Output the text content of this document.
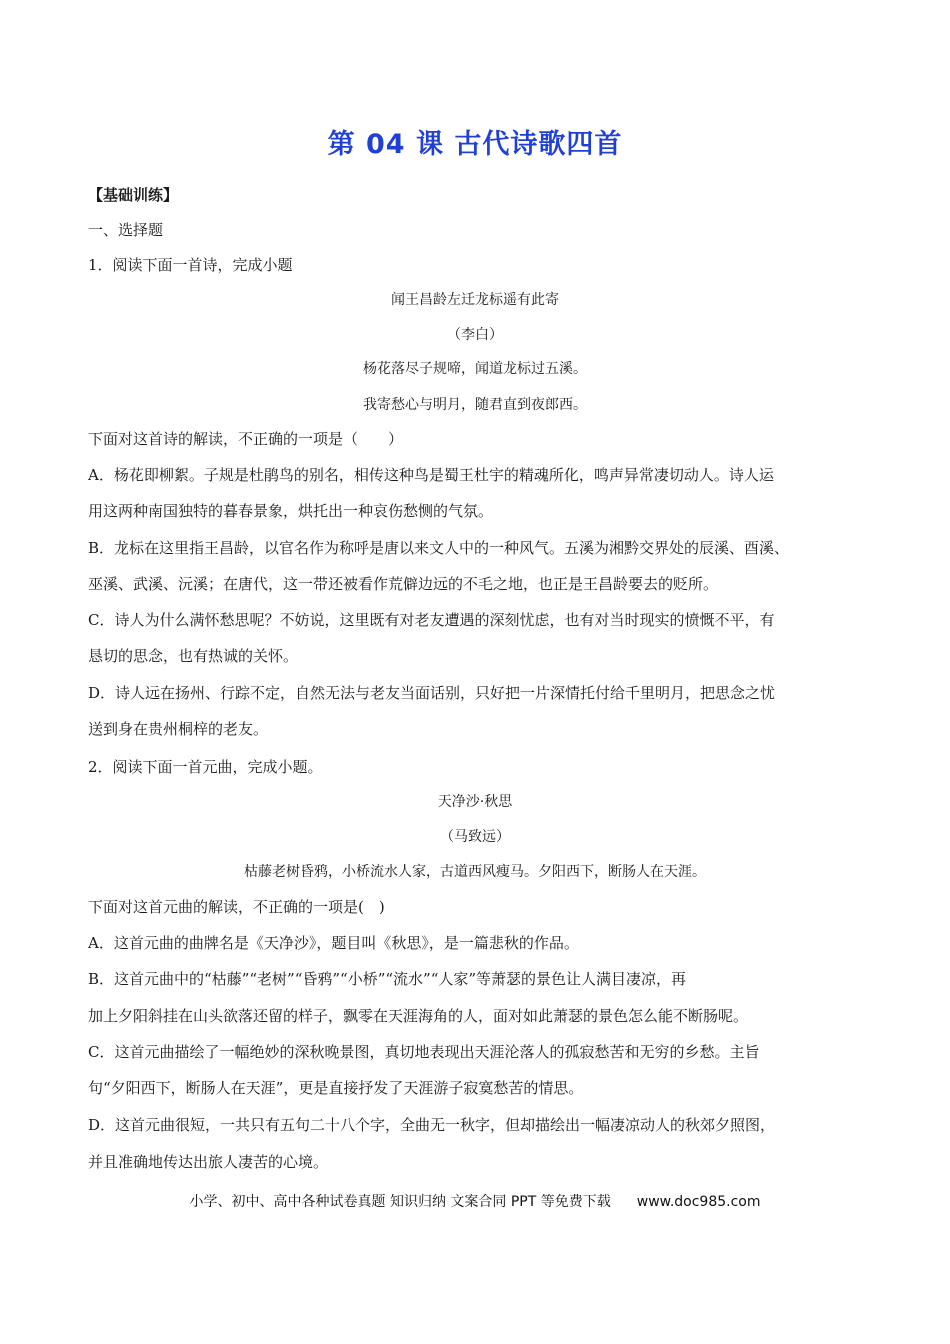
第 04 课 古代诗歌四首
【基础训练】
一、选择题
1．阅读下面一首诗，完成小题
闻王昌龄左迁龙标遥有此寄
（李白）
杨花落尽子规啼，闻道龙标过五溪。
我寄愁心与明月，随君直到夜郎西。
下面对这首诗的解读，不正确的一项是（　　）
A．杨花即柳絮。子规是杜鹃鸟的别名，相传这种鸟是蜀王杜宇的精魂所化，鸣声异常凄切动人。诗人运
用这两种南国独特的暮春景象，烘托出一种哀伤愁恻的气氛。
B．龙标在这里指王昌龄，以官名作为称呼是唐以来文人中的一种风气。五溪为湘黔交界处的辰溪、酉溪、
巫溪、武溪、沅溪；在唐代，这一带还被看作荒僻边远的不毛之地，也正是王昌龄要去的贬所。
C．诗人为什么满怀愁思呢？不妨说，这里既有对老友遭遇的深刻忧虑，也有对当时现实的愤慨不平，有
恳切的思念，也有热诚的关怀。
D．诗人远在扬州、行踪不定，自然无法与老友当面话别，只好把一片深情托付给千里明月，把思念之忧
送到身在贵州桐梓的老友。
2．阅读下面一首元曲，完成小题。
天净沙·秋思
（马致远）
枯藤老树昏鸦，小桥流水人家，古道西风瘦马。夕阳西下，断肠人在天涯。
下面对这首元曲的解读，不正确的一项是(　)
A．这首元曲的曲牌名是《天净沙》，题目叫《秋思》，是一篇悲秋的作品。
B．这首元曲中的“枯藤”“老树”“昏鸦”“小桥”“流水”“人家”等萧瑟的景色让人满目凄凉，再
加上夕阳斜挂在山头欲落还留的样子，飘零在天涯海角的人，面对如此萧瑟的景色怎么能不断肠呢。
C．这首元曲描绘了一幅绝妙的深秋晚景图，真切地表现出天涯沦落人的孤寂愁苦和无穷的乡愁。主旨
句“夕阳西下，断肠人在天涯”，更是直接抒发了天涯游子寂寞愁苦的情思。
D．这首元曲很短，一共只有五句二十八个字，全曲无一秋字，但却描绘出一幅凄凉动人的秋郊夕照图，
并且准确地传达出旅人凄苦的心境。
小学、初中、高中各种试卷真题 知识归纳 文案合同 PPT 等免费下载 www.doc985.com
